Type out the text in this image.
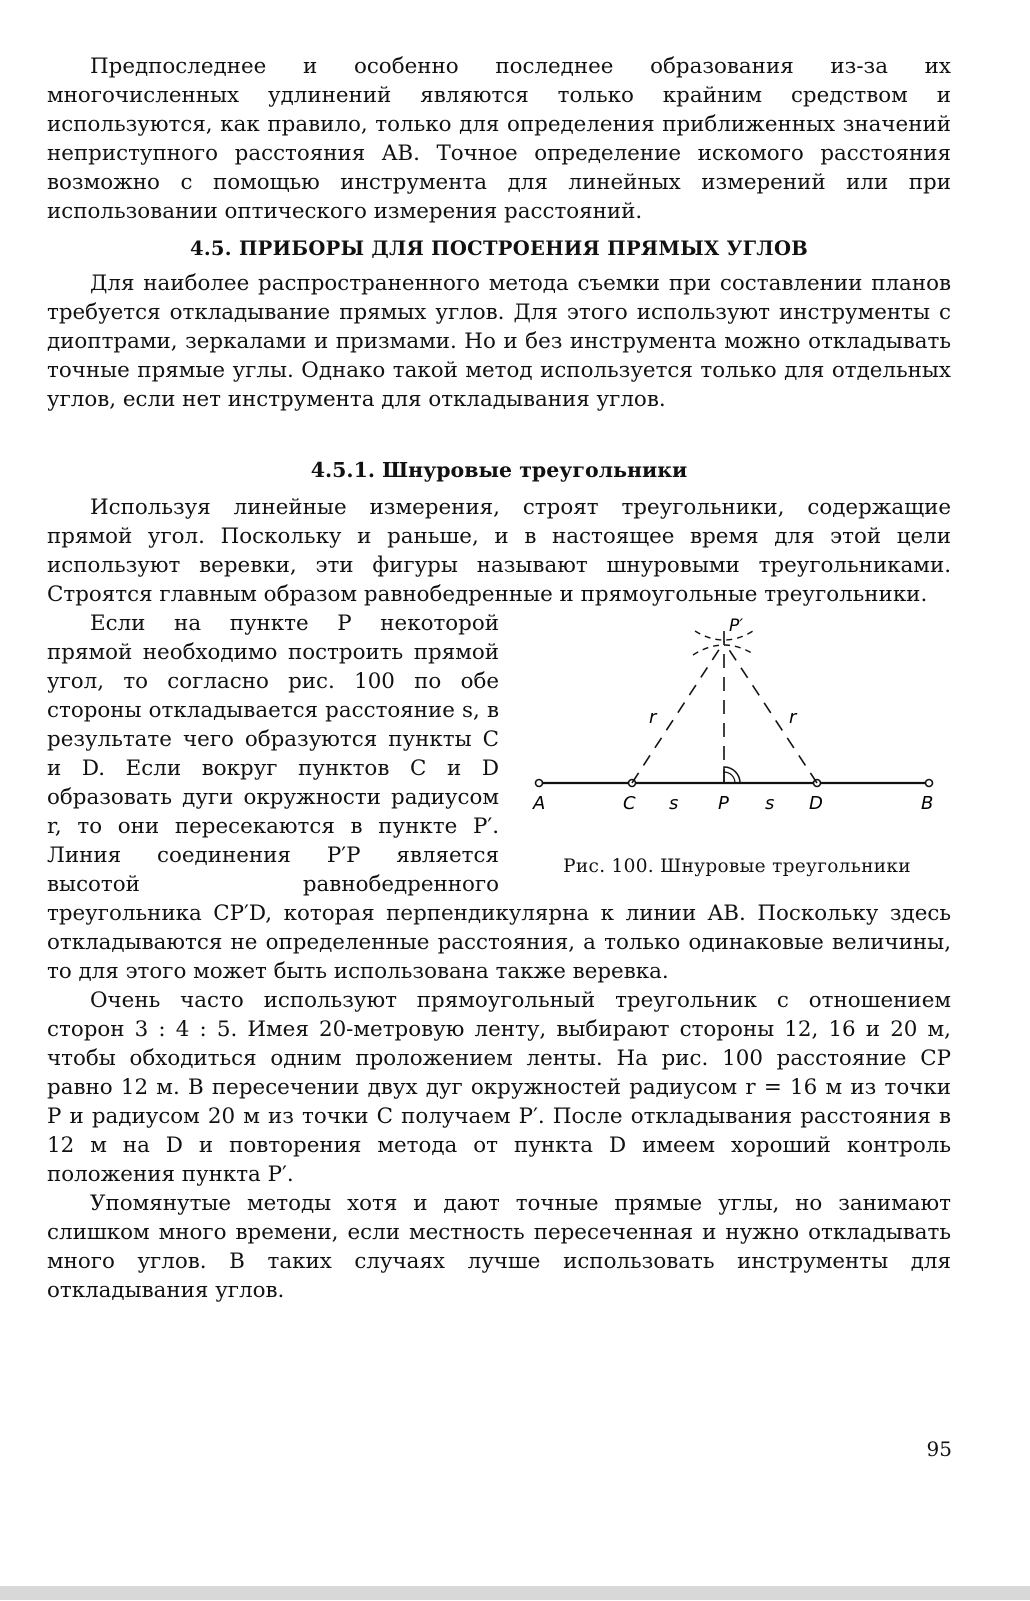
Предпоследнее и особенно последнее образования из-за их многочисленных удлинений являются только крайним средством и используются, как правило, только для определения приближенных значений неприступного расстояния AB. Точное определение искомого расстояния возможно с помощью инструмента для линейных измерений или при использовании оптического измерения расстояний.

4.5. ПРИБОРЫ ДЛЯ ПОСТРОЕНИЯ ПРЯМЫХ УГЛОВ

Для наиболее распространенного метода съемки при составлении планов требуется откладывание прямых углов. Для этого используют инструменты с диоптрами, зеркалами и призмами. Но и без инструмента можно откладывать точные прямые углы. Однако такой метод используется только для отдельных углов, если нет инструмента для откладывания углов.

4.5.1. Шнуровые треугольники

Используя линейные измерения, строят треугольники, содержащие прямой угол. Поскольку и раньше, и в настоящее время для этой цели используют веревки, эти фигуры называют шнуровыми треугольниками. Строятся главным образом равнобедренные и прямоугольные треугольники.

A	C s P s D	B
P′
r	r
Рис. 100. Шнуровые треугольники

Если на пункте P некоторой прямой необходимо построить прямой угол, то согласно рис. 100 по обе стороны откладывается расстояние s, в результате чего образуются пункты C и D. Если вокруг пунктов C и D образовать дуги окружности радиусом r, то они пересекаются в пункте P′. Линия соединения P′P является высотой равнобедренного треугольника CP′D, которая перпендикулярна к линии AB. Поскольку здесь откладываются не определенные расстояния, а только одинаковые величины, то для этого может быть использована также веревка.

Очень часто используют прямоугольный треугольник с отношением сторон 3 : 4 : 5. Имея 20-метровую ленту, выбирают стороны 12, 16 и 20 м, чтобы обходиться одним проложением ленты. На рис. 100 расстояние CP равно 12 м. В пересечении двух дуг окружностей радиусом r = 16 м из точки P и радиусом 20 м из точки C получаем P′. После откладывания расстояния в 12 м на D и повторения метода от пункта D имеем хороший контроль положения пункта P′.

Упомянутые методы хотя и дают точные прямые углы, но занимают слишком много времени, если местность пересеченная и нужно откладывать много углов. В таких случаях лучше использовать инструменты для откладывания углов.

95
